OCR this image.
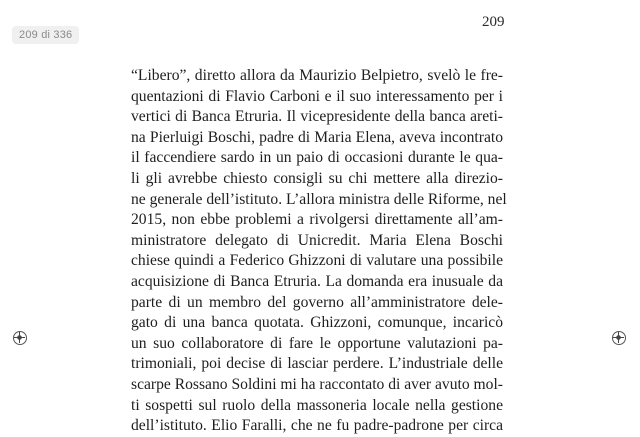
209 di 336
209
“Libero”, diretto allora da Maurizio Belpietro, svelò le fre-
quentazioni di Flavio Carboni e il suo interessamento per i
vertici di Banca Etruria. Il vicepresidente della banca areti-
na Pierluigi Boschi, padre di Maria Elena, aveva incontrato
il faccendiere sardo in un paio di occasioni durante le qua-
li gli avrebbe chiesto consigli su chi mettere alla direzio-
ne generale dell’istituto. L’allora ministra delle Riforme, nel
2015, non ebbe problemi a rivolgersi direttamente all’am-
ministratore delegato di Unicredit. Maria Elena Boschi
chiese quindi a Federico Ghizzoni di valutare una possibile
acquisizione di Banca Etruria. La domanda era inusuale da
parte di un membro del governo all’amministratore dele-
gato di una banca quotata. Ghizzoni, comunque, incaricò
un suo collaboratore di fare le opportune valutazioni pa-
trimoniali, poi decise di lasciar perdere. L’industriale delle
scarpe Rossano Soldini mi ha raccontato di aver avuto mol-
ti sospetti sul ruolo della massoneria locale nella gestione
dell’istituto. Elio Faralli, che ne fu padre-padrone per circa
